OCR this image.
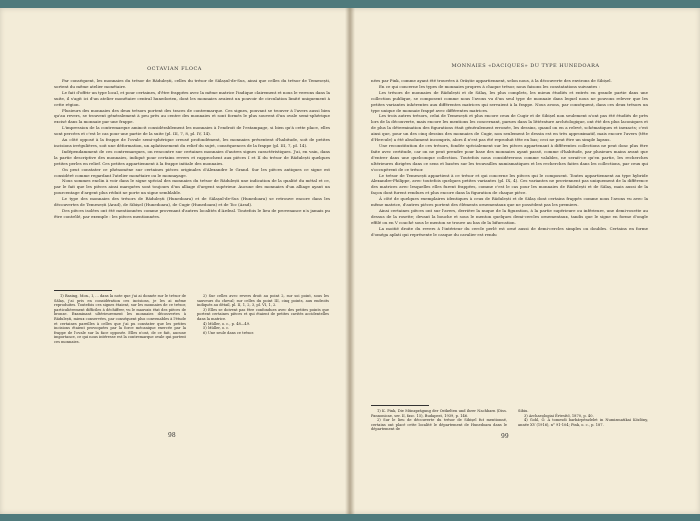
OCTAVIAN FLOCA

Par conséquent, les monnaies du trésor de Rădulești, celles du trésor de Sălașul-de-Sus, ainsi que celles du trésor de Temesești, sortent du même atelier monétaire.

Le fait d'offrir un type local, et pour certaines, d'être frappées avec la même matrice l'indique clairement et nous le verrons dans la suite, il s'agit ici d'un atelier monétaire central hunedorien, dont les monnaies avaient un pouvoir de circulation limité uniquement à cette région.

Plusieurs des monnaies des deux trésors portent des traces de contremarque. Ces signes, pouvant se trouver à l'avers aussi bien qu'au revers, se trouvent généralement à peu près au centre des monnaies et sont formés le plus souvent d'un ovale semi-sphérique excisé dans la monnaie par une frappe.

L'impression de la contremarque amincit considérablement les monnaies à l'endroit de l'estampage, si bien qu'à cette place, elles sont percées et c'est le cas pour une partie de la suite (pl. III, 7, 8, pl. IV, 14).

Au côté opposé à la frappe de l'ovale semi-sphérique creusé profondément, les monnaies présentent d'habitude, soit de petites incisions irrégulières, soit une déformation, un aplatissement du relief du sujet, conséquences de la frappe (pl. III, 7, pl. 14).

Indépendamment de ces contremarques, on rencontre sur certaines monnaies d'autres signes caractéristiques. J'ai, en vain, dans la partie descriptive des monnaies, indiqué pour certains revers et rapprochent aux pièces I et II du trésor de Rădulești quelques petites perles en relief. Ces petites appartiennent à la frappe initiale des monnaies.

On peut constater ce phénomène sur certaines pièces originales d'Alexandre le Grand. Sur les pièces antiques ce signe est considéré comme regardant l'atelier monétaire ou le monnayage.

Nous sommes enclin à voir dans le signe spécial des monnaies du trésor de Rădulești une indication de la qualité du métal et ce, par le fait que les pièces ainsi marquées sont toujours d'un alliage d'argent supérieur. Aucune des monnaies d'un alliage ayant un pourcentage d'argent plus réduit ne porte un signe semblable.

Le type des monnaies des trésors de Rădulești (Hunedoara) et de Sălașul-de-Sus (Hunedoara) se retrouve encore dans les découvertes de Temesești (Arad), de Sibișel (Hunedoara), de Cugir (Hunedoara) et de Toc (Arad).

Des pièces isolées ont été mentionnées comme provenant d'autres localités d'Ardeal. Toutefois le lieu de provenance n'a jamais pu être contrôlé, par exemple : les pièces mentionnées.

1) Basing, Mon., I, ... dans la note que j'ai ai donnée sur le trésor de Sălaș, j'ai pris en considération ces incisions, je les ai même reproduites. Toutefois ces signes étaient, sur les monnaies de ce trésor, particulièrement difficiles à déchiffrer, vu le mauvais état des pièces de bronze. Examinant ultérieurement les monnaies découvertes à Rădulești, mieux conservées, par conséquent plus convenables à l'étude et certaines pareilles à celles que j'ai pu constater que les petites incisions étaient provoquées par la force mécanique exercée par la frappe de l'ovale sur la face opposée. Elles n'ont, de ce fait, aucune importance, ce qui nous intéresse est la contremarque ovale qui portent ces monnaies.

2) Sur celles avec revers droit au point 2, sur soi point, sous les sauveurs du cheval; sur celles du point III, cinq points, aux endroits indiqués au détail, pl. II, 1, 2, 3, pl. VI, 1, 2.

3) Elles se doivent pas être confondues avec des petites points que portent certaines pièces et qui étaient de petites cavités accidentelles dans la matrice.

4) Müller, o. c., p. 48—49.

5) Müller, o. c.

6) Une seule dans ce trésor.

98
MONNAIES «DACIQUES» DU TYPE HUNEDOARA

nées par Pink, comme ayant été trouvées à Orăștie appartiennent, selon nous, à la découverte des environs de Sibișel.

En ce qui concerne les types de monnaies propres à chaque trésor, nous faisons les constatations suivantes :

Les trésors de monnaies de Rădulești et de Sălaș, les plus complets, les mieux étudiés et entrés en grande partie dans une collection publique, se composent comme nous l'avons vu d'un seul type de monnaie dans lequel nous ne pouvons relever que les petites variantes inhérentes aux différentes matrices qui servaient à la frappe. Nous avons, par conséquent, dans ces deux trésors un type unique de monnaie frappé avec différentes matrices.

Les trois autres trésors, celui de Temesești et plus encore ceux de Cugir et de Sibișel non seulement n'ont pas été étudiés de près lors de la découverte, mais encore les mentions les concernant, parues dans la littérature archéologique, ont été des plus laconiques et de plus la détermination des figurations était généralement erronée, les dessins, quand on en a relevé, schématiques et inexacts; c'est ainsi que, pour un des cinq dessins des monnaies de Cugir, non seulement le dessin est en très approximatif, mais encore l'avers (tête d'Hercule) a été absolument incompris, alors il n'est pas été reproduit tête en bas; ceci ne peut être un simple lapsus.

Une reconstitution de ces trésors, fondée spécialement sur les pièces appartenant à différentes collections ne peut donc plus être faite avec certitude, car on ne peut prendre pour base des monnaies ayant passé, comme d'habitude, par plusieurs mains avant que d'entrer dans une quelconque collection. Toutefois nous considérerons comme valables, ne serait-ce qu'en partie, les recherches ultérieures dirigées dans ce sens et basées sur les trouvailles numismatiques et les recherches faites dans les collections, par ceux qui s'occupèrent de ce trésor.

Le trésor de Temesești appartient à ce trésor et qui concerne les pièces qui le composent. Toutes appartiennent au type hybride Alexandre-Philippe, avec toutefois quelques petites variantes (pl. IX, 4). Ces variantes ne proviennent pas uniquement de la différence des matrices avec lesquelles elles furent frappées, comme c'est le cas pour les monnaies de Rădulești et de Sălaș, mais aussi de la façon dont furent rendues et plus encore dans la figuration de chaque pièce.

À côté de quelques exemplaires identiques à ceux de Rădulești et de Sălaș dont certains frappés comme nous l'avons vu avec la même matrice, d'autres pièces portent des éléments ornementaux que ne possèdent pas les premiers.

Ainsi certaines pièces ont sur l'avers, derrière la nuque de la figuration, à la partie supérieure ou inférieure, une demi-rosette au dessus de la rosette; devant la bouche et sous le menton quelques demi-cercles ornementaux, tandis que le signe en forme d'ongle effilé ou en V couché sous le menton se trouve au bas de la bifurcation.

La moitié droite du revers à l'intérieur du cercle perlé est orné aussi de demi-cercles simples ou doubles. Certains en forme d'oméga aplati qui représente le casque du cavalier est rendu

1) K. Pink, Die Münzprägung der Ostkelten und ihrer Nachbarn (Diss. Pannonicae, ser. II, fasc. 15), Budapest, 1939, p. 146.

2) Sur le lieu de découverte du trésor de Sibișel fut mentionné, certains ont placé cette localité le département de Hunedoara dans le département de

Sibiu.

3) Archaeologiai Értesítő, 1870, p. 40.

4) Gohl, Ö. A tomesdi barbárpénzlelet in Numizmatikai Közlöny, année XV (1916), n° 91-104; Pink, o. c., p. 187.

99
